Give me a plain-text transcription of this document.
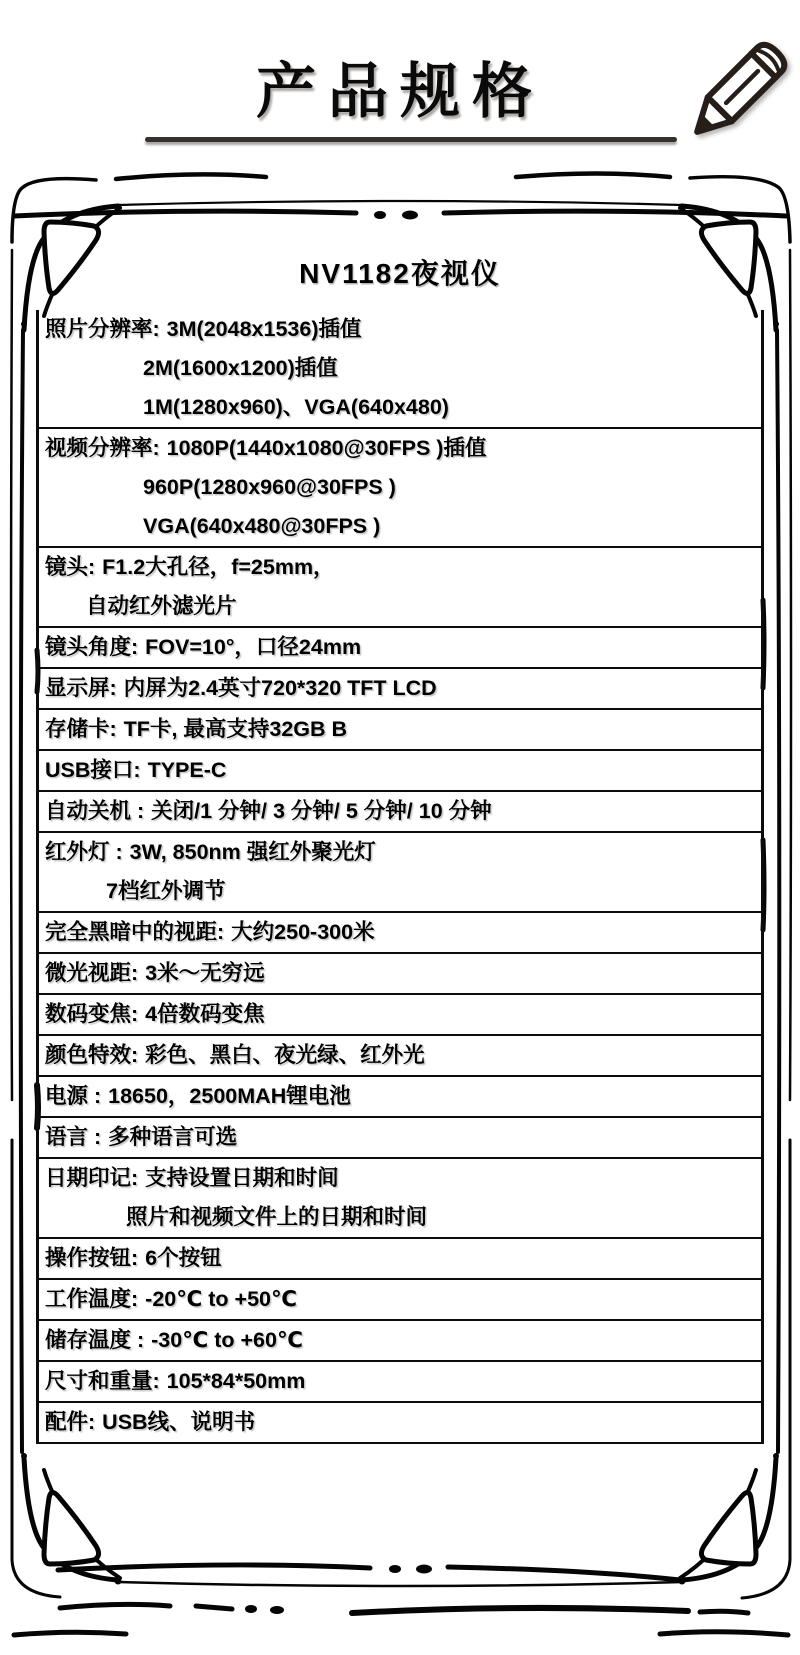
产品规格
NV1182夜视仪
照片分辨率: 3M(2048x1536)插值
2M(1600x1200)插值
1M(1280x960)、VGA(640x480)
视频分辨率: 1080P(1440x1080@30FPS )插值
960P(1280x960@30FPS )
VGA(640x480@30FPS )
镜头: F1.2大孔径，f=25mm，
自动红外滤光片
镜头角度: FOV=10°，口径24mm
显示屏: 内屏为2.4英寸720*320 TFT LCD
存储卡: TF卡, 最高支持32GB B
USB接口: TYPE-C
自动关机 : 关闭/1 分钟/ 3 分钟/ 5 分钟/ 10 分钟
红外灯 : 3W, 850nm 强红外聚光灯
7档红外调节
完全黑暗中的视距: 大约250-300米
微光视距: 3米～无穷远
数码变焦: 4倍数码变焦
颜色特效: 彩色、黑白、夜光绿、红外光
电源 : 18650，2500MAH锂电池
语言 : 多种语言可选
日期印记: 支持设置日期和时间
照片和视频文件上的日期和时间
操作按钮: 6个按钮
工作温度: -20℃ to +50℃
储存温度 : -30℃ to +60℃
尺寸和重量: 105*84*50mm
配件: USB线、说明书
